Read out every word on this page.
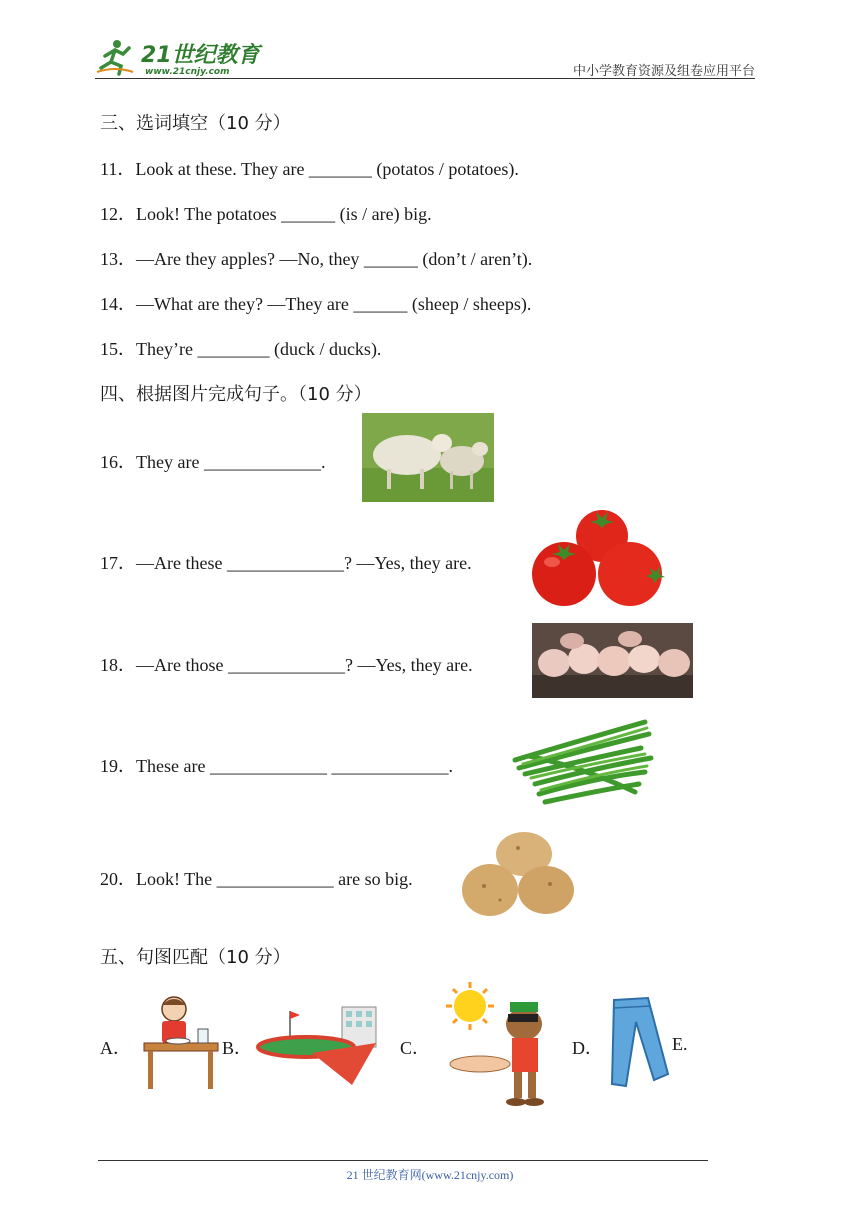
21世纪教育
www.21cnjy.com	中小学教育资源及组卷应用平台
三、选词填空（10 分）
11．Look at these. They are _______ (potatos / potatoes).
12．Look! The potatoes ______ (is / are) big.
13．—Are they apples? —No, they ______ (don’t / aren’t).
14．—What are they? —They are ______ (sheep / sheeps).
15．They’re ________ (duck / ducks).
四、根据图片完成句子。（10 分）
16．They are _____________.
17．—Are these _____________? —Yes, they are.
18．—Are those _____________? —Yes, they are.
19．These are _____________ _____________.
20．Look! The _____________ are so big.
五、句图匹配（10 分）
A．	B．	C．	D．	E.
21 世纪教育网(www.21cnjy.com)
